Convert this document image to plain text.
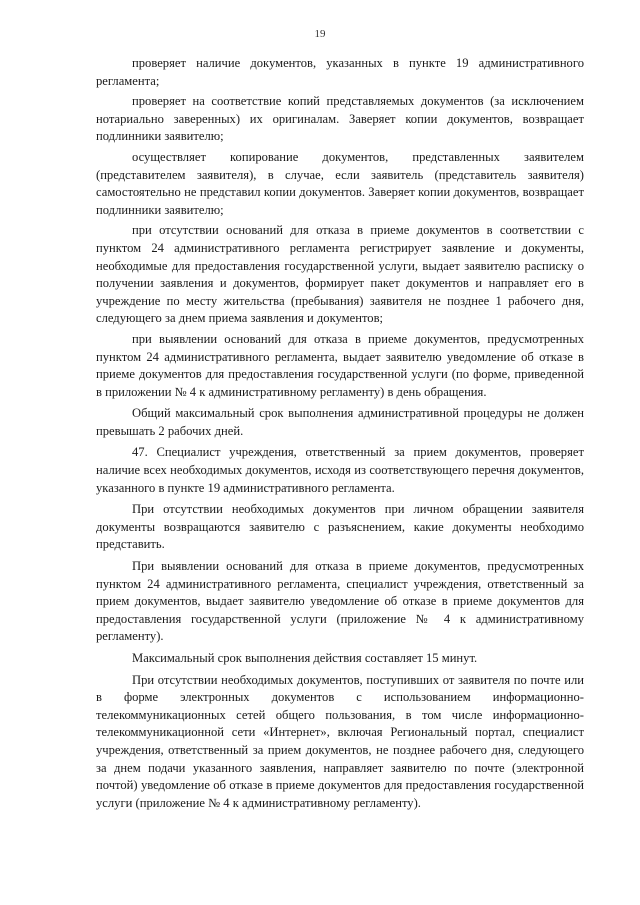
19

проверяет наличие документов, указанных в пункте 19 административного регламента;

проверяет на соответствие копий представляемых документов (за исключением нотариально заверенных) их оригиналам. Заверяет копии документов, возвращает подлинники заявителю;

осуществляет копирование документов, представленных заявителем (представителем заявителя), в случае, если заявитель (представитель заявителя) самостоятельно не представил копии документов. Заверяет копии документов, возвращает подлинники заявителю;

при отсутствии оснований для отказа в приеме документов в соответствии с пунктом 24 административного регламента регистрирует заявление и документы, необходимые для предоставления государственной услуги, выдает заявителю расписку о получении заявления и документов, формирует пакет документов и направляет его в учреждение по месту жительства (пребывания) заявителя не позднее 1 рабочего дня, следующего за днем приема заявления и документов;

при выявлении оснований для отказа в приеме документов, предусмотренных пунктом 24 административного регламента, выдает заявителю уведомление об отказе в приеме документов для предоставления государственной услуги (по форме, приведенной в приложении № 4 к административному регламенту) в день обращения.

Общий максимальный срок выполнения административной процедуры не должен превышать 2 рабочих дней.

47. Специалист учреждения, ответственный за прием документов, проверяет наличие всех необходимых документов, исходя из соответствующего перечня документов, указанного в пункте 19 административного регламента.

При отсутствии необходимых документов при личном обращении заявителя документы возвращаются заявителю с разъяснением, какие документы необходимо представить.

При выявлении оснований для отказа в приеме документов, предусмотренных пунктом 24 административного регламента, специалист учреждения, ответственный за прием документов, выдает заявителю уведомление об отказе в приеме документов для предоставления государственной услуги (приложение № 4 к административному регламенту).

Максимальный срок выполнения действия составляет 15 минут.

При отсутствии необходимых документов, поступивших от заявителя по почте или в форме электронных документов с использованием информационно-телекоммуникационных сетей общего пользования, в том числе информационно-телекоммуникационной сети «Интернет», включая Региональный портал, специалист учреждения, ответственный за прием документов, не позднее рабочего дня, следующего за днем подачи указанного заявления, направляет заявителю по почте (электронной почтой) уведомление об отказе в приеме документов для предоставления государственной услуги (приложение № 4 к административному регламенту).
